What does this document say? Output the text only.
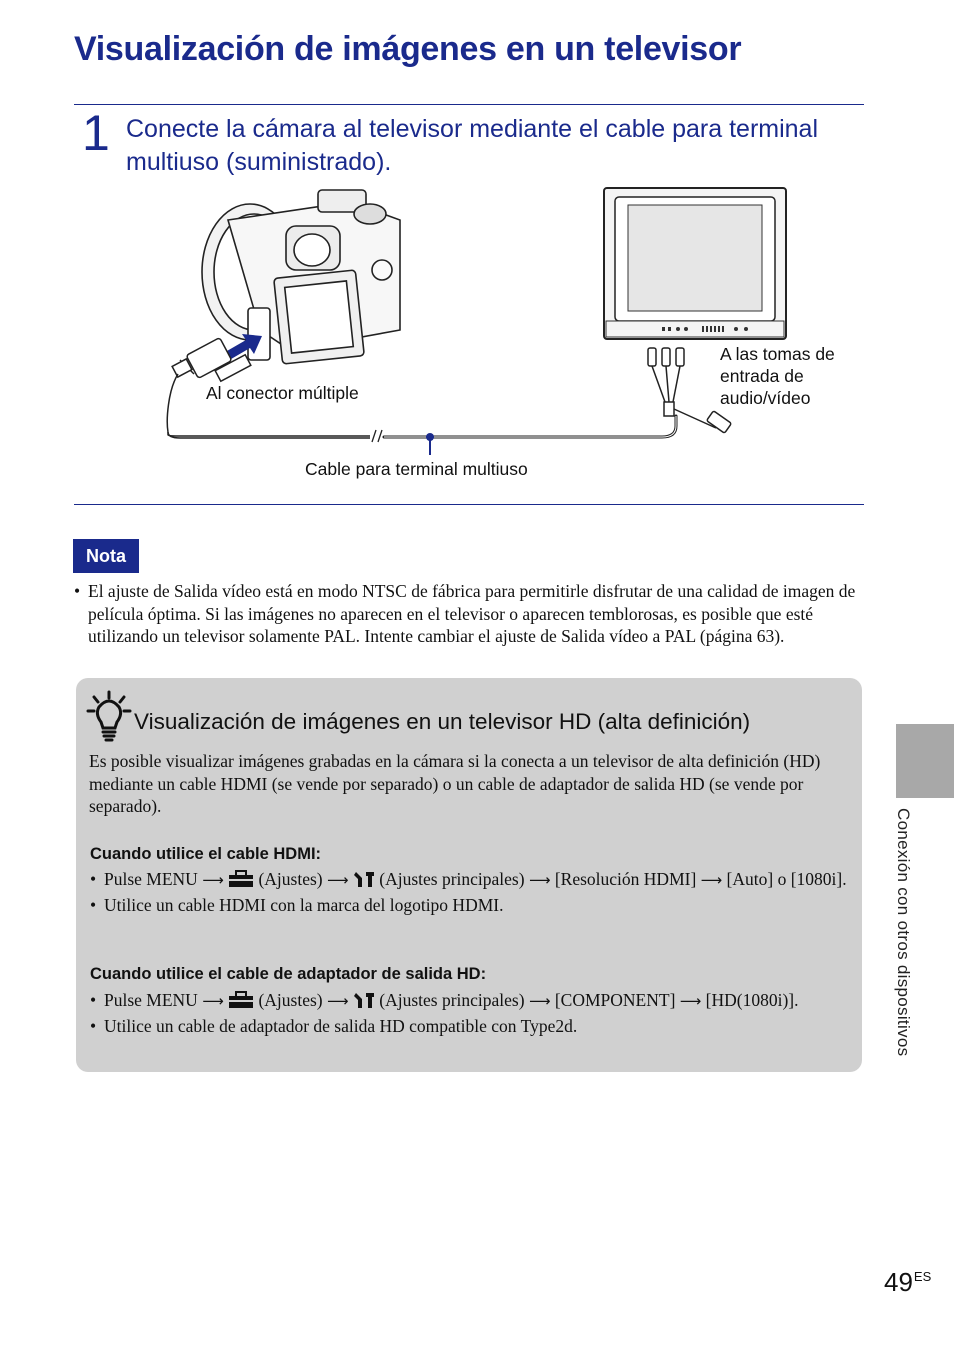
Visualización de imágenes en un televisor
1 Conecte la cámara al televisor mediante el cable para terminal multiuso (suministrado).
Al conector múltiple
A las tomas de
entrada de
audio/vídeo
Cable para terminal multiuso
Nota
• El ajuste de Salida vídeo está en modo NTSC de fábrica para permitirle disfrutar de una calidad de imagen de película óptima. Si las imágenes no aparecen en el televisor o aparecen temblorosas, es posible que esté utilizando un televisor solamente PAL. Intente cambiar el ajuste de Salida vídeo a PAL (página 63).
Visualización de imágenes en un televisor HD (alta definición)
Es posible visualizar imágenes grabadas en la cámara si la conecta a un televisor de alta definición (HD) mediante un cable HDMI (se vende por separado) o un cable de adaptador de salida HD (se vende por separado).
Cuando utilice el cable HDMI:
• Pulse MENU ⟶ (Ajustes) ⟶ (Ajustes principales) ⟶ [Resolución HDMI] ⟶ [Auto] o [1080i].
• Utilice un cable HDMI con la marca del logotipo HDMI.
Cuando utilice el cable de adaptador de salida HD:
• Pulse MENU ⟶ (Ajustes) ⟶ (Ajustes principales) ⟶ [COMPONENT] ⟶ [HD(1080i)].
• Utilice un cable de adaptador de salida HD compatible con Type2d.	Conexión con otros dispositivos
$49^{ES}$
